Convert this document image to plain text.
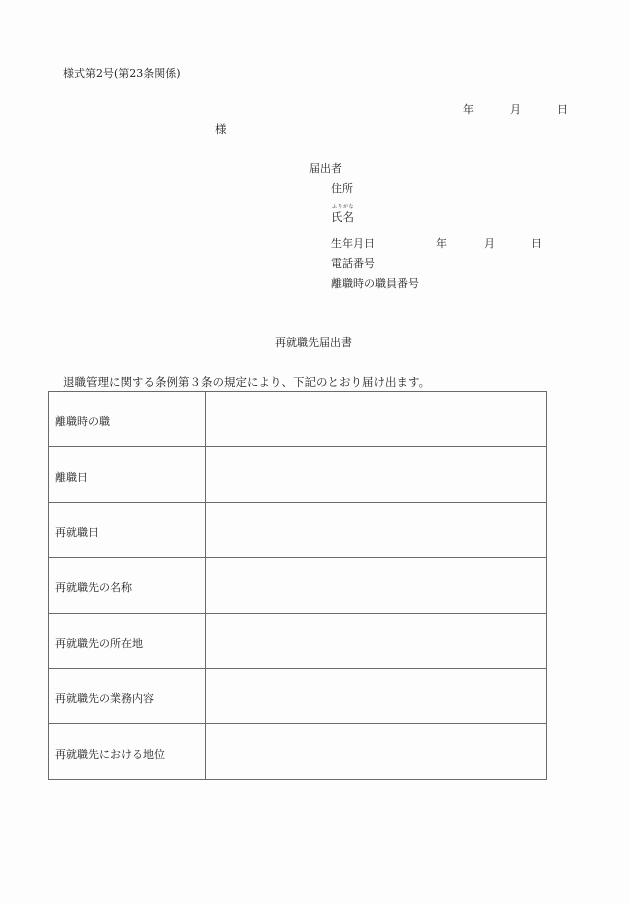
様式第2号(第23条関係)
年	月	日
様
届出者
住所
ふりがな
氏名
生年月日	年	月	日
電話番号
離職時の職員番号
再就職先届出書
退職管理に関する条例第３条の規定により、下記のとおり届け出ます。
離職時の職	
離職日	
再就職日	
再就職先の名称	
再就職先の所在地	
再就職先の業務内容	
再就職先における地位	
